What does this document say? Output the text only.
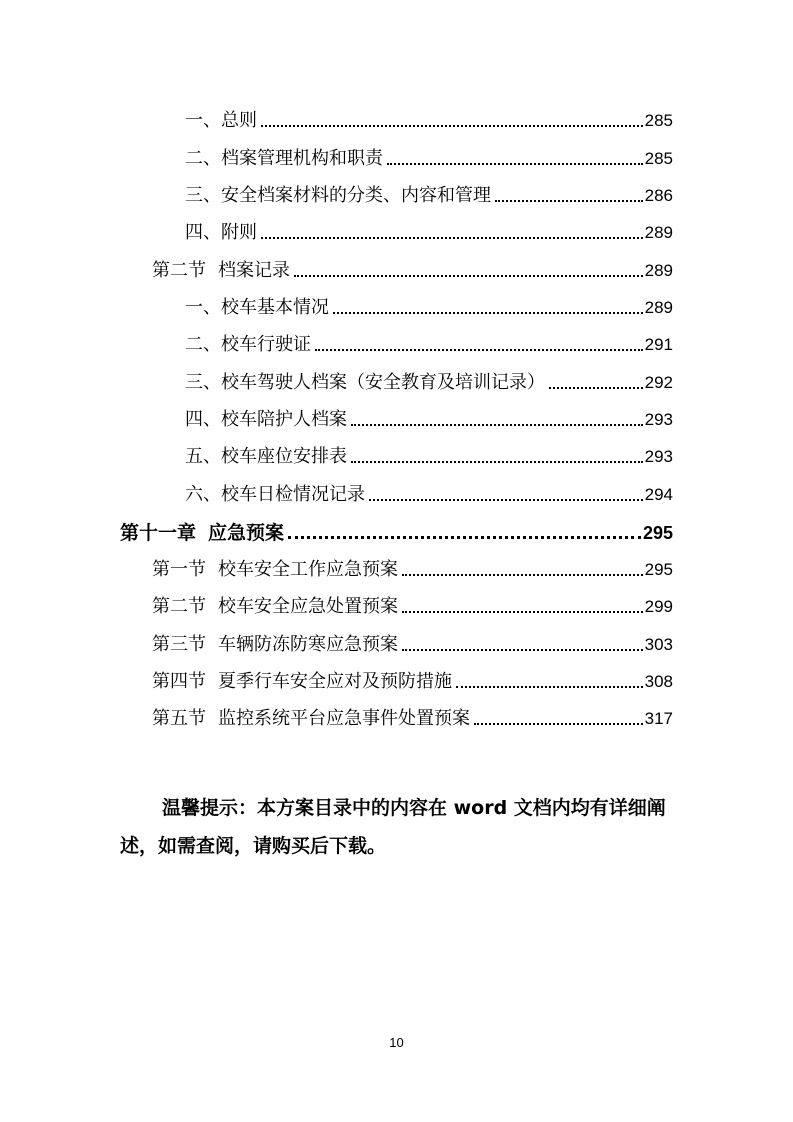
一、总则	285
二、档案管理机构和职责	285
三、安全档案材料的分类、内容和管理	286
四、附则	289
第二节 档案记录	289
一、校车基本情况	289
二、校车行驶证	291
三、校车驾驶人档案（安全教育及培训记录）	292
四、校车陪护人档案	293
五、校车座位安排表	293
六、校车日检情况记录	294
第十一章 应急预案	295
第一节 校车安全工作应急预案	295
第二节 校车安全应急处置预案	299
第三节 车辆防冻防寒应急预案	303
第四节 夏季行车安全应对及预防措施	308
第五节 监控系统平台应急事件处置预案	317

温馨提示：本方案目录中的内容在 word 文档内均有详细阐述，如需查阅，请购买后下载。

10
